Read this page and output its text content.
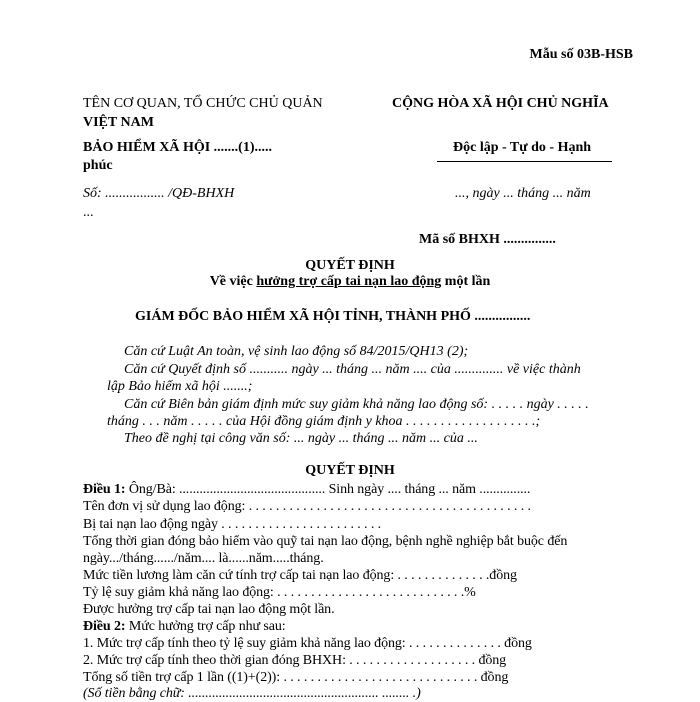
Mẫu số 03B-HSB
TÊN CƠ QUAN, TỔ CHỨC CHỦ QUẢN
VIỆT NAM
BẢO HIỂM XÃ HỘI .......(1).....
phúc
Số: ................. /QĐ-BHXH
...
CỘNG HÒA XÃ HỘI CHỦ NGHĨA
Độc lập - Tự do - Hạnh
..., ngày ... tháng ... năm
Mã số BHXH ...............
QUYẾT ĐỊNH
Về việc hưởng trợ cấp tai nạn lao động một lần
GIÁM ĐỐC BẢO HIỂM XÃ HỘI TỈNH, THÀNH PHỐ ................
Căn cứ Luật An toàn, vệ sinh lao động số 84/2015/QH13 (2);
Căn cứ Quyết định số ........... ngày ... tháng ... năm .... của .............. về việc thành
lập Bảo hiểm xã hội .......;
Căn cứ Biên bản giám định mức suy giảm khả năng lao động số: . . . . . ngày . . . . .
tháng . . . năm . . . . . của Hội đồng giám định y khoa . . . . . . . . . . . . . . . . . . .;
Theo đề nghị tại công văn số: ... ngày ... tháng ... năm ... của ...
QUYẾT ĐỊNH
Điều 1: Ông/Bà: ........................................... Sinh ngày .... tháng ... năm ...............
Tên đơn vị sử dụng lao động: . . . . . . . . . . . . . . . . . . . . . . . . . . . . . . . . . . . . . . . . . .
Bị tai nạn lao động ngày . . . . . . . . . . . . . . . . . . . . . . . .
Tổng thời gian đóng bảo hiểm vào quỹ tai nạn lao động, bệnh nghề nghiệp bắt buộc đến
ngày.../tháng....../năm.... là......năm.....tháng.
Mức tiền lương làm căn cứ tính trợ cấp tai nạn lao động: . . . . . . . . . . . . . .đồng
Tỷ lệ suy giảm khả năng lao động: . . . . . . . . . . . . . . . . . . . . . . . . . . . .%
Được hưởng trợ cấp tai nạn lao động một lần.
Điều 2: Mức hưởng trợ cấp như sau:
1. Mức trợ cấp tính theo tỷ lệ suy giảm khả năng lao động: . . . . . . . . . . . . . . đồng
2. Mức trợ cấp tính theo thời gian đóng BHXH: . . . . . . . . . . . . . . . . . . . đồng
Tổng số tiền trợ cấp 1 lần ((1)+(2)): . . . . . . . . . . . . . . . . . . . . . . . . . . . . . đồng
(Số tiền bằng chữ: ........................................................ ........ .)
